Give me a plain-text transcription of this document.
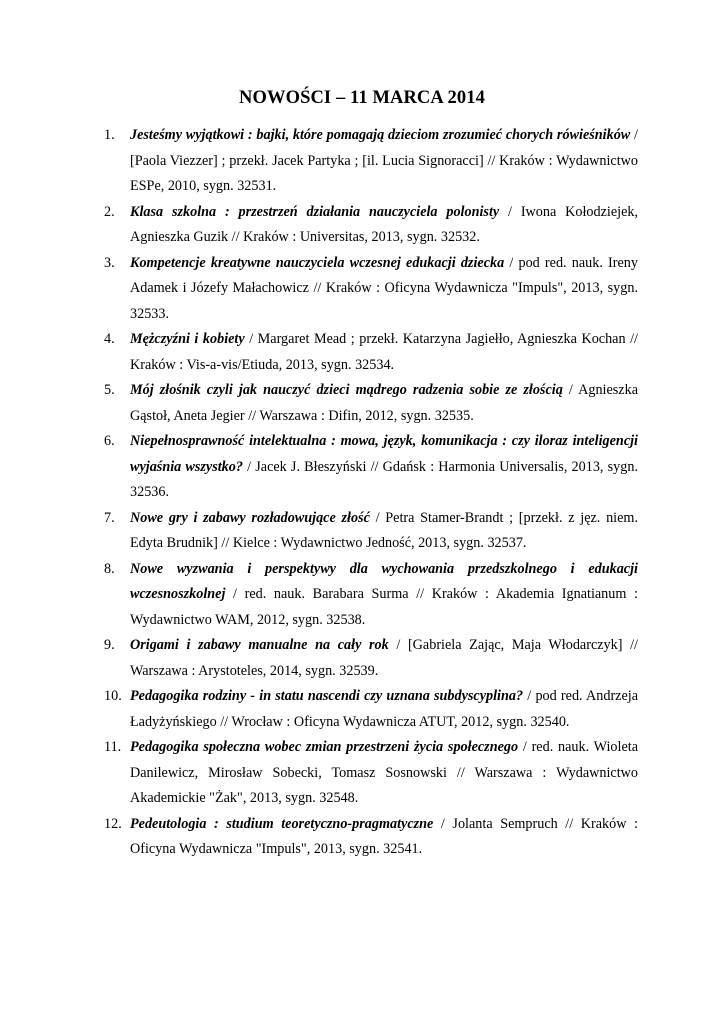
NOWOŚCI – 11 MARCA 2014
1. Jesteśmy wyjątkowi : bajki, które pomagają dzieciom zrozumieć chorych rówieśników / [Paola Viezzer] ; przekł. Jacek Partyka ; [il. Lucia Signoracci] // Kraków : Wydawnictwo ESPe, 2010, sygn. 32531.
2. Klasa szkolna : przestrzeń działania nauczyciela polonisty / Iwona Kołodziejek, Agnieszka Guzik // Kraków : Universitas, 2013, sygn. 32532.
3. Kompetencje kreatywne nauczyciela wczesnej edukacji dziecka / pod red. nauk. Ireny Adamek i Józefy Małachowicz // Kraków : Oficyna Wydawnicza "Impuls", 2013, sygn. 32533.
4. Mężczyźni i kobiety / Margaret Mead ; przekł. Katarzyna Jagiełło, Agnieszka Kochan // Kraków : Vis-a-vis/Etiuda, 2013, sygn. 32534.
5. Mój złośnik czyli jak nauczyć dzieci mądrego radzenia sobie ze złością / Agnieszka Gąstoł, Aneta Jegier // Warszawa : Difin, 2012, sygn. 32535.
6. Niepełnosprawność intelektualna : mowa, język, komunikacja : czy iloraz inteligencji wyjaśnia wszystko? / Jacek J. Błeszyński // Gdańsk : Harmonia Universalis, 2013, sygn. 32536.
7. Nowe gry i zabawy rozładowujące złość / Petra Stamer-Brandt ; [przekł. z jęz. niem. Edyta Brudnik] // Kielce : Wydawnictwo Jedność, 2013, sygn. 32537.
8. Nowe wyzwania i perspektywy dla wychowania przedszkolnego i edukacji wczesnoszkolnej / red. nauk. Barabara Surma // Kraków : Akademia Ignatianum : Wydawnictwo WAM, 2012, sygn. 32538.
9. Origami i zabawy manualne na cały rok / [Gabriela Zając, Maja Włodarczyk] // Warszawa : Arystoteles, 2014, sygn. 32539.
10. Pedagogika rodziny - in statu nascendi czy uznana subdyscyplina? / pod red. Andrzeja Ładyżyńskiego // Wrocław : Oficyna Wydawnicza ATUT, 2012, sygn. 32540.
11. Pedagogika społeczna wobec zmian przestrzeni życia społecznego / red. nauk. Wioleta Danilewicz, Mirosław Sobecki, Tomasz Sosnowski // Warszawa : Wydawnictwo Akademickie "Żak", 2013, sygn. 32548.
12. Pedeutologia : studium teoretyczno-pragmatyczne / Jolanta Sempruch // Kraków : Oficyna Wydawnicza "Impuls", 2013, sygn. 32541.
